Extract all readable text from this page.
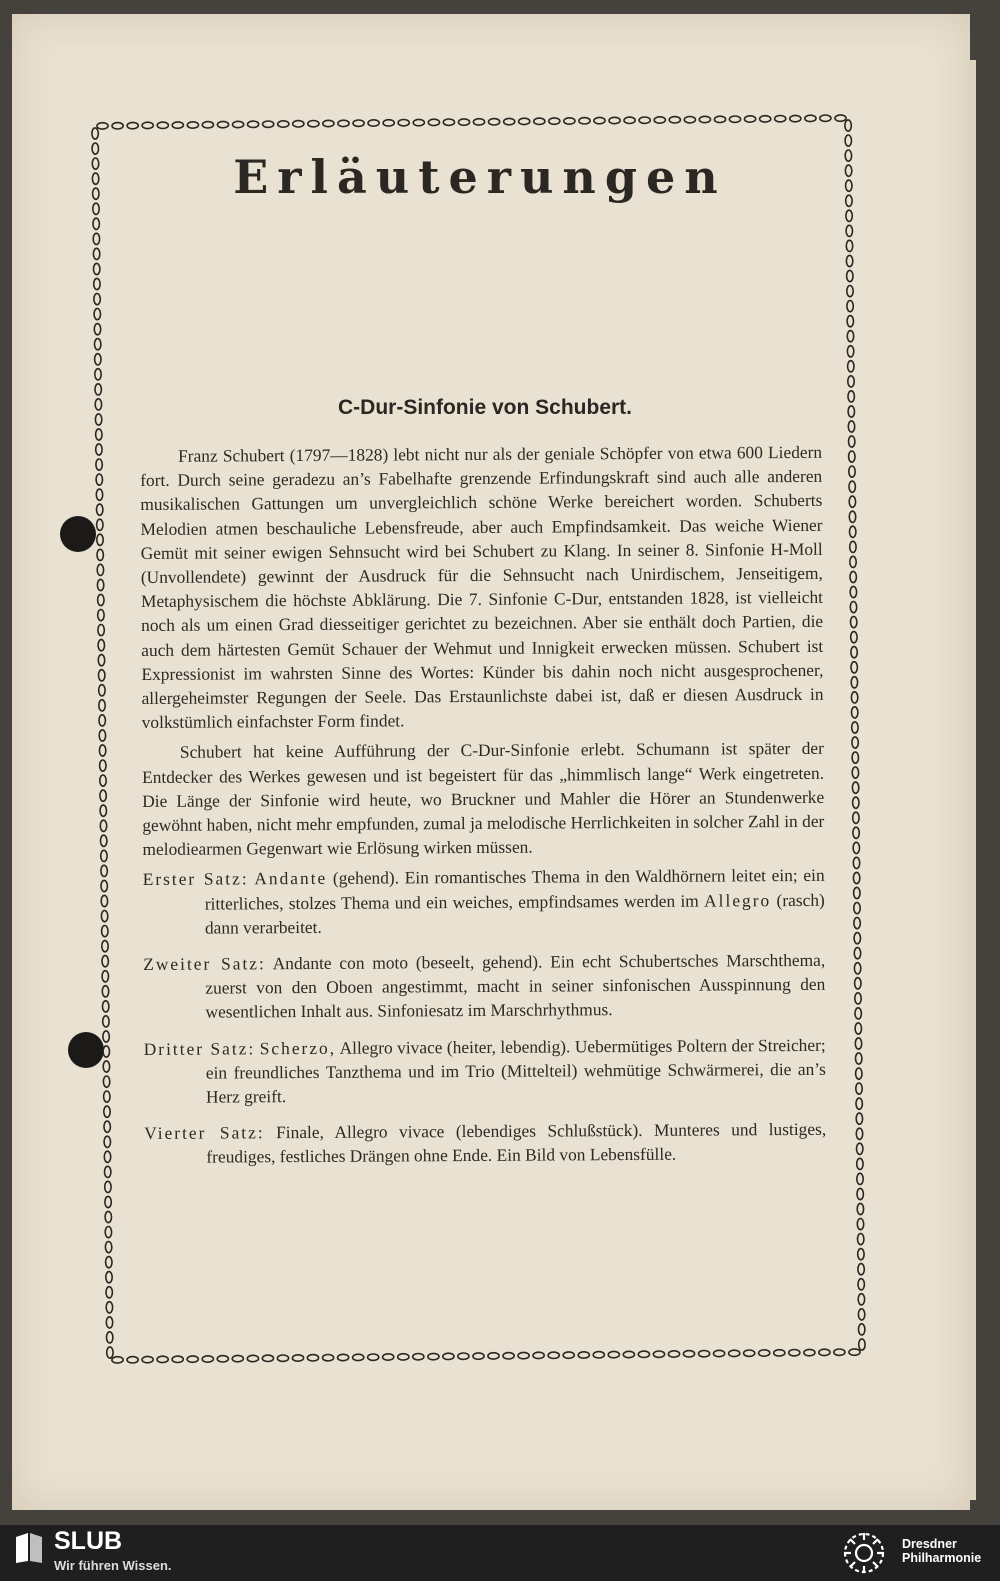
Erläuterungen
C-Dur-Sinfonie von Schubert.

Franz Schubert (1797—1828) lebt nicht nur als der geniale Schöpfer von etwa 600 Liedern fort. Durch seine geradezu an’s Fabelhafte grenzende Erfindungskraft sind auch alle anderen musikalischen Gattungen um unvergleichlich schöne Werke bereichert worden. Schuberts Melodien atmen beschauliche Lebensfreude, aber auch Empfindsamkeit. Das weiche Wiener Gemüt mit seiner ewigen Sehnsucht wird bei Schubert zu Klang. In seiner 8. Sinfonie H-Moll (Unvollendete) gewinnt der Ausdruck für die Sehnsucht nach Unirdischem, Jenseitigem, Metaphysischem die höchste Abklärung. Die 7. Sinfonie C-Dur, entstanden 1828, ist vielleicht noch als um einen Grad diesseitiger gerichtet zu bezeichnen. Aber sie enthält doch Partien, die auch dem härtesten Gemüt Schauer der Wehmut und Innigkeit erwecken müssen. Schubert ist Expressionist im wahrsten Sinne des Wortes: Künder bis dahin noch nicht ausgesprochener, allergeheimster Regungen der Seele. Das Erstaunlichste dabei ist, daß er diesen Ausdruck in volkstümlich einfachster Form findet.

Schubert hat keine Aufführung der C-Dur-Sinfonie erlebt. Schumann ist später der Entdecker des Werkes gewesen und ist begeistert für das „himmlisch lange“ Werk eingetreten. Die Länge der Sinfonie wird heute, wo Bruckner und Mahler die Hörer an Stundenwerke gewöhnt haben, nicht mehr empfunden, zumal ja melodische Herrlichkeiten in solcher Zahl in der melodiearmen Gegenwart wie Erlösung wirken müssen.

Erster Satz: Andante (gehend). Ein romantisches Thema in den Waldhörnern leitet ein; ein ritterliches, stolzes Thema und ein weiches, empfindsames werden im Allegro (rasch) dann verarbeitet.
Zweiter Satz: Andante con moto (beseelt, gehend). Ein echt Schubertsches Marschthema, zuerst von den Oboen angestimmt, macht in seiner sinfonischen Ausspinnung den wesentlichen Inhalt aus. Sinfoniesatz im Marschrhythmus.
Dritter Satz: Scherzo, Allegro vivace (heiter, lebendig). Uebermütiges Poltern der Streicher; ein freundliches Tanzthema und im Trio (Mittelteil) wehmütige Schwärmerei, die an’s Herz greift.
Vierter Satz: Finale, Allegro vivace (lebendiges Schlußstück). Munteres und lustiges, freudiges, festliches Drängen ohne Ende. Ein Bild von Lebensfülle.
SLUB
Wir führen Wissen.
Dresdner
Philharmonie
